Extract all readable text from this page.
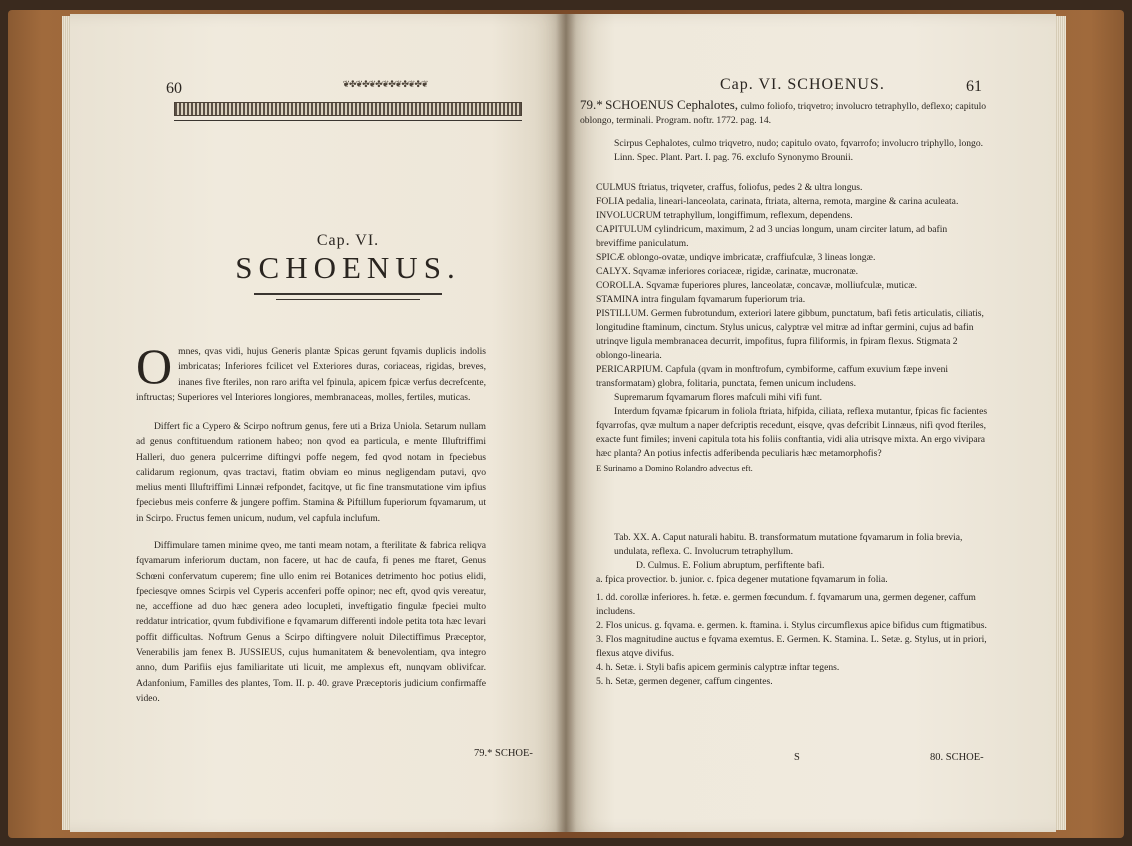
60	❦✤❦✤❦✤❦✤❦✤❦✤❦
Cap. VI.
SCHOENUS.
Omnes, qvas vidi, hujus Generis plantæ Spicas gerunt fqvamis duplicis indolis imbricatas; Inferiores fcilicet vel Exteriores duras, coriaceas, rigidas, breves, inanes five fteriles, non raro arifta vel fpinula, apicem fpicæ verfus decrefcente, inftructas; Superiores vel Interiores longiores, membranaceas, molles, fertiles, muticas.
Differt fic a Cypero & Scirpo noftrum genus, fere uti a Briza Uniola. Setarum nullam ad genus conftituendum rationem habeo; non qvod ea particula, e mente Illuftriffimi Halleri, duo genera pulcerrime diftingvi poffe negem, fed qvod notam in fpeciebus calidarum regionum, qvas tractavi, ftatim obviam eo minus negligendam putavi, qvo melius menti Illuftriffimi Linnæi refpondet, facitqve, ut fic fine transmutatione vim ipfius fpeciebus meis conferre & jungere poffim. Stamina & Piftillum fuperiorum fqvamarum, ut in Scirpo. Fructus femen unicum, nudum, vel capfula inclufum.
Diffimulare tamen minime qveo, me tanti meam notam, a fterilitate & fabrica reliqva fqvamarum inferiorum ductam, non facere, ut hac de caufa, fi penes me ftaret, Genus Schœni confervatum cuperem; fine ullo enim rei Botanices detrimento hoc potius elidi, fpeciesqve omnes Scirpis vel Cyperis accenferi poffe opinor; nec eft, qvod qvis vereatur, ne, acceffione ad duo hæc genera adeo locupleti, inveftigatio fingulæ fpeciei multo reddatur intricatior, qvum fubdivifione e fqvamarum differenti indole petita tota hæc levari poffit difficultas. Noftrum Genus a Scirpo diftingvere noluit Dilectiffimus Præceptor, Venerabilis jam fenex B. JUSSIEUS, cujus humanitatem & benevolentiam, qva integro anno, dum Parifiis ejus familiaritate uti licuit, me amplexus eft, nunqvam oblivifcar. Adanfonium, Familles des plantes, Tom. II. p. 40. grave Præceptoris judicium confirmaffe video.
79.* SCHOE-
Cap. VI. SCHOENUS.	61
79.* SCHOENUS Cephalotes, culmo foliofo, triqvetro; involucro tetraphyllo, deflexo; capitulo oblongo, terminali. Program. noftr. 1772. pag. 14.
Scirpus Cephalotes, culmo triqvetro, nudo; capitulo ovato, fqvarrofo; involucro triphyllo, longo. Linn. Spec. Plant. Part. I. pag. 76. exclufo Synonymo Brounii.
CULMUS ftriatus, triqveter, craffus, foliofus, pedes 2 & ultra longus.
FOLIA pedalia, lineari-lanceolata, carinata, ftriata, alterna, remota, margine & carina aculeata.
INVOLUCRUM tetraphyllum, longiffimum, reflexum, dependens.
CAPITULUM cylindricum, maximum, 2 ad 3 uncias longum, unam circiter latum, ad bafin breviffime paniculatum.
SPICÆ oblongo-ovatæ, undiqve imbricatæ, craffiufculæ, 3 lineas longæ.
CALYX. Sqvamæ inferiores coriaceæ, rigidæ, carinatæ, mucronatæ.
COROLLA. Sqvamæ fuperiores plures, lanceolatæ, concavæ, molliufculæ, muticæ.
STAMINA intra fingulam fqvamarum fuperiorum tria.
PISTILLUM. Germen fubrotundum, exteriori latere gibbum, punctatum, bafi fetis articulatis, ciliatis, longitudine ftaminum, cinctum. Stylus unicus, calyptræ vel mitræ ad inftar germini, cujus ad bafin utrinqve ligula membranacea decurrit, impofitus, fupra filiformis, in fpiram flexus. Stigmata 2 oblongo-linearia.
PERICARPIUM. Capfula (qvam in monftrofum, cymbiforme, caffum exuvium fæpe inveni transformatam) globra, folitaria, punctata, femen unicum includens.
Supremarum fqvamarum flores mafculi mihi vifi funt.
Interdum fqvamæ fpicarum in foliola ftriata, hifpida, ciliata, reflexa mutantur, fpicas fic facientes fqvarrofas, qvæ multum a naper defcriptis recedunt, eisqve, qvas defcribit Linnæus, nifi qvod fteriles, exacte funt fimiles; inveni capitula tota his foliis conftantia, vidi alia utrisqve mixta. An ergo vivipara hæc planta? An potius infectis adferibenda peculiaris hæc metamorphofis?
E Surinamo a Domino Rolandro advectus eft.
Tab. XX. A. Caput naturali habitu. B. transformatum mutatione fqvamarum in folia brevia, undulata, reflexa. C. Involucrum tetraphyllum.
D. Culmus. E. Folium abruptum, perfiftente bafi.
a. fpica provectior. b. junior. c. fpica degener mutatione fqvamarum in folia.
1. dd. corollæ inferiores. h. fetæ. e. germen fœcundum. f. fqvamarum una, germen degener, caffum includens.
2. Flos unicus. g. fqvama. e. germen. k. ftamina. i. Stylus circumflexus apice bifidus cum ftigmatibus.
3. Flos magnitudine auctus e fqvama exemtus. E. Germen. K. Stamina. L. Setæ. g. Stylus, ut in priori, flexus atqve divifus.
4. h. Setæ. i. Styli bafis apicem germinis calyptræ inftar tegens.
5. h. Setæ, germen degener, caffum cingentes.
S	80. SCHOE-
